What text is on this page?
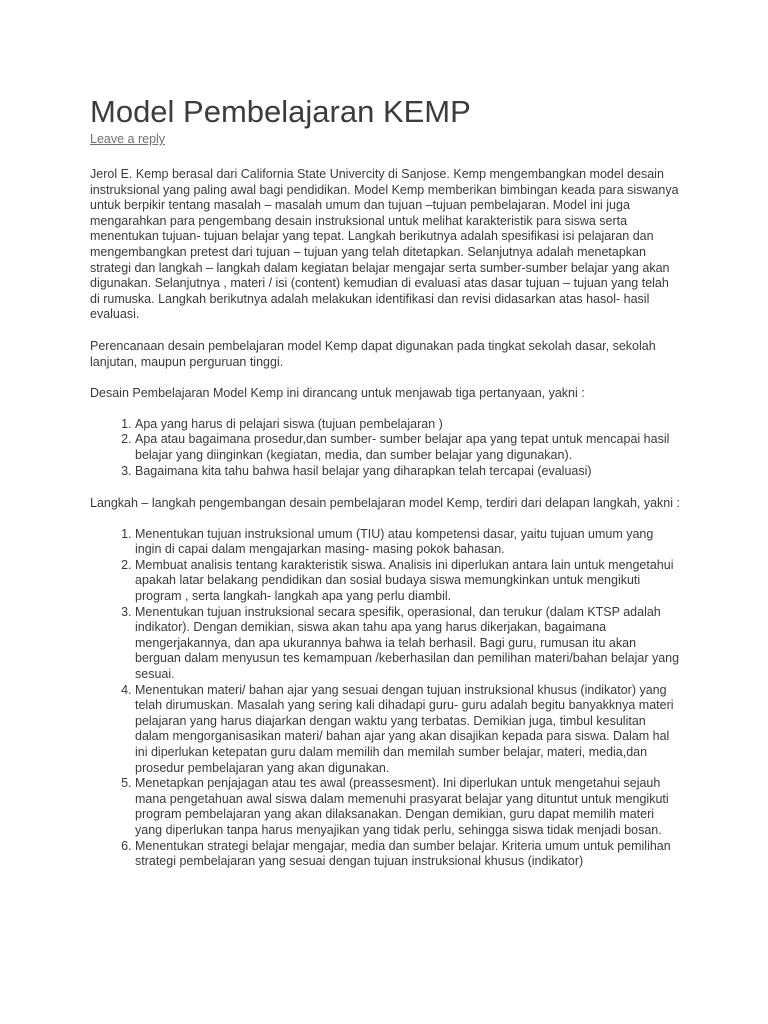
Model Pembelajaran KEMP
Leave a reply

Jerol E. Kemp berasal dari California State Univercity di Sanjose. Kemp mengembangkan model desain instruksional yang paling awal bagi pendidikan. Model Kemp memberikan bimbingan keada para siswanya untuk berpikir tentang masalah – masalah umum dan tujuan –tujuan pembelajaran. Model ini juga mengarahkan para pengembang desain instruksional untuk melihat karakteristik para siswa serta menentukan tujuan- tujuan belajar yang tepat. Langkah berikutnya adalah spesifikasi isi pelajaran dan mengembangkan pretest dari tujuan – tujuan yang telah ditetapkan. Selanjutnya adalah menetapkan strategi dan langkah – langkah dalam kegiatan belajar mengajar serta sumber-sumber belajar yang akan digunakan. Selanjutnya , materi / isi (content) kemudian di evaluasi atas dasar tujuan – tujuan yang telah di rumuska. Langkah berikutnya adalah melakukan identifikasi dan revisi didasarkan atas hasol- hasil evaluasi.

Perencanaan desain pembelajaran model Kemp dapat digunakan pada tingkat sekolah dasar, sekolah lanjutan, maupun perguruan tinggi.

Desain Pembelajaran Model Kemp ini dirancang untuk menjawab tiga pertanyaan, yakni :

1. Apa yang harus di pelajari siswa (tujuan pembelajaran )
2. Apa atau bagaimana prosedur,dan sumber- sumber belajar apa yang tepat untuk mencapai hasil belajar yang diinginkan (kegiatan, media, dan sumber belajar yang digunakan).
3. Bagaimana kita tahu bahwa hasil belajar yang diharapkan telah tercapai (evaluasi)

Langkah – langkah pengembangan desain pembelajaran model Kemp, terdiri dari delapan langkah, yakni :

1. Menentukan tujuan instruksional umum (TIU) atau kompetensi dasar, yaitu tujuan umum yang ingin di capai dalam mengajarkan masing- masing pokok bahasan.
2. Membuat analisis tentang karakteristik siswa. Analisis ini diperlukan antara lain untuk mengetahui apakah latar belakang pendidikan dan sosial budaya siswa memungkinkan untuk mengikuti program , serta langkah- langkah apa yang perlu diambil.
3. Menentukan tujuan instruksional secara spesifik, operasional, dan terukur (dalam KTSP adalah indikator). Dengan demikian, siswa akan tahu apa yang harus dikerjakan, bagaimana mengerjakannya, dan apa ukurannya bahwa ia telah berhasil. Bagi guru, rumusan itu akan berguan dalam menyusun tes kemampuan /keberhasilan dan pemilihan materi/bahan belajar yang sesuai.
4. Menentukan materi/ bahan ajar yang sesuai dengan tujuan instruksional khusus (indikator) yang telah dirumuskan. Masalah yang sering kali dihadapi guru- guru adalah begitu banyakknya materi pelajaran yang harus diajarkan dengan waktu yang terbatas. Demikian juga, timbul kesulitan dalam mengorganisasikan materi/ bahan ajar yang akan disajikan kepada para siswa. Dalam hal ini diperlukan ketepatan guru dalam memilih dan memilah sumber belajar, materi, media,dan prosedur pembelajaran yang akan digunakan.
5. Menetapkan penjajagan atau tes awal (preassesment). Ini diperlukan untuk mengetahui sejauh mana pengetahuan awal siswa dalam memenuhi prasyarat belajar yang dituntut untuk mengikuti program pembelajaran yang akan dilaksanakan. Dengan demikian, guru dapat memilih materi yang diperlukan tanpa harus menyajikan yang tidak perlu, sehingga siswa tidak menjadi bosan.
6. Menentukan strategi belajar mengajar, media dan sumber belajar. Kriteria umum untuk pemilihan strategi pembelajaran yang sesuai dengan tujuan instruksional khusus (indikator)
